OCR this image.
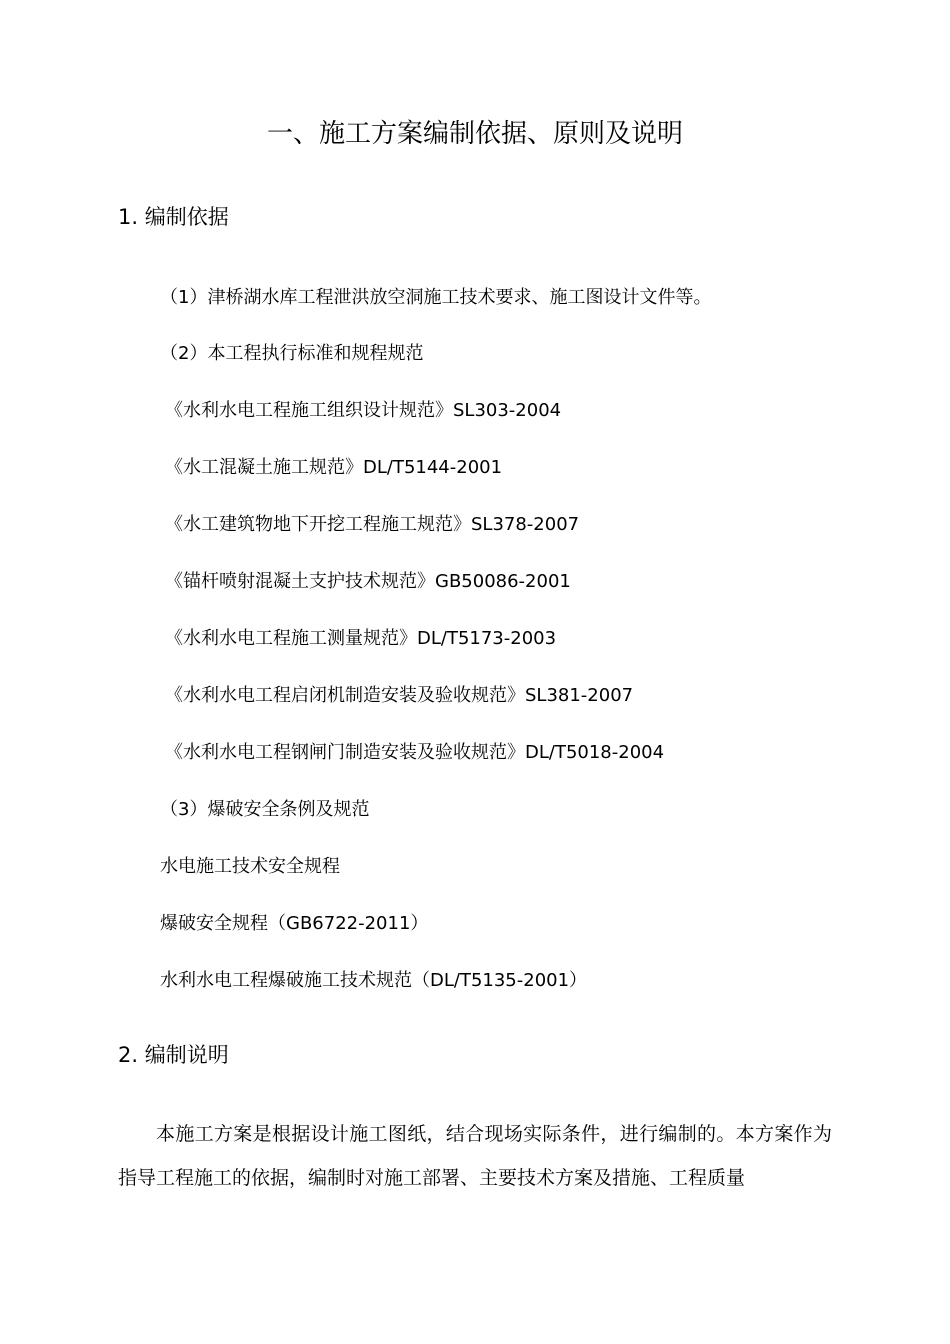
一、施工方案编制依据、原则及说明
1. 编制依据
（1）津桥湖水库工程泄洪放空洞施工技术要求、施工图设计文件等。
（2）本工程执行标准和规程规范
《水利水电工程施工组织设计规范》SL303-2004
《水工混凝土施工规范》DL/T5144-2001
《水工建筑物地下开挖工程施工规范》SL378-2007
《锚杆喷射混凝土支护技术规范》GB50086-2001
《水利水电工程施工测量规范》DL/T5173-2003
《水利水电工程启闭机制造安装及验收规范》SL381-2007
《水利水电工程钢闸门制造安装及验收规范》DL/T5018-2004
（3）爆破安全条例及规范
水电施工技术安全规程
爆破安全规程（GB6722-2011）
水利水电工程爆破施工技术规范（DL/T5135-2001）
2. 编制说明
本施工方案是根据设计施工图纸，结合现场实际条件，进行编制的。本方案作为指导工程施工的依据，编制时对施工部署、主要技术方案及措施、工程质量
